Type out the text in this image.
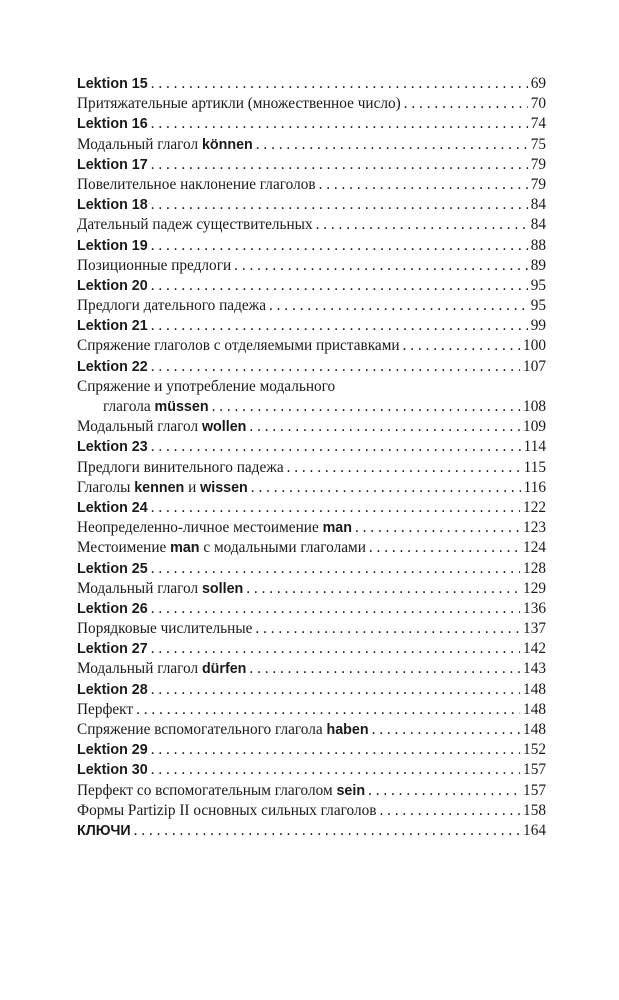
Lektion 15 . . .	69
Притяжательные артикли (множественное число) . . .	70
Lektion 16 . . .	74
Модальный глагол können . . .	75
Lektion 17 . . .	79
Повелительное наклонение глаголов . . .	79
Lektion 18 . . .	84
Дательный падеж существительных . . .	84
Lektion 19 . . .	88
Позиционные предлоги . . .	89
Lektion 20 . . .	95
Предлоги дательного падежа . . .	95
Lektion 21 . . .	99
Спряжение глаголов с отделяемыми приставками . . .	100
Lektion 22 . . .	107
Спряжение и употребление модального
глагола müssen . . .	108
Модальный глагол wollen . . .	109
Lektion 23 . . .	114
Предлоги винительного падежа . . .	115
Глаголы kennen и wissen . . .	116
Lektion 24 . . .	122
Неопределенно-личное местоимение man . . .	123
Местоимение man с модальными глаголами . . .	124
Lektion 25 . . .	128
Модальный глагол sollen . . .	129
Lektion 26 . . .	136
Порядковые числительные . . .	137
Lektion 27 . . .	142
Модальный глагол dürfen . . .	143
Lektion 28 . . .	148
Перфект . . .	148
Спряжение вспомогательного глагола haben . . .	148
Lektion 29 . . .	152
Lektion 30 . . .	157
Перфект со вспомогательным глаголом sein . . .	157
Формы Partizip II основных сильных глаголов . . .	158
КЛЮЧИ . . .	164
